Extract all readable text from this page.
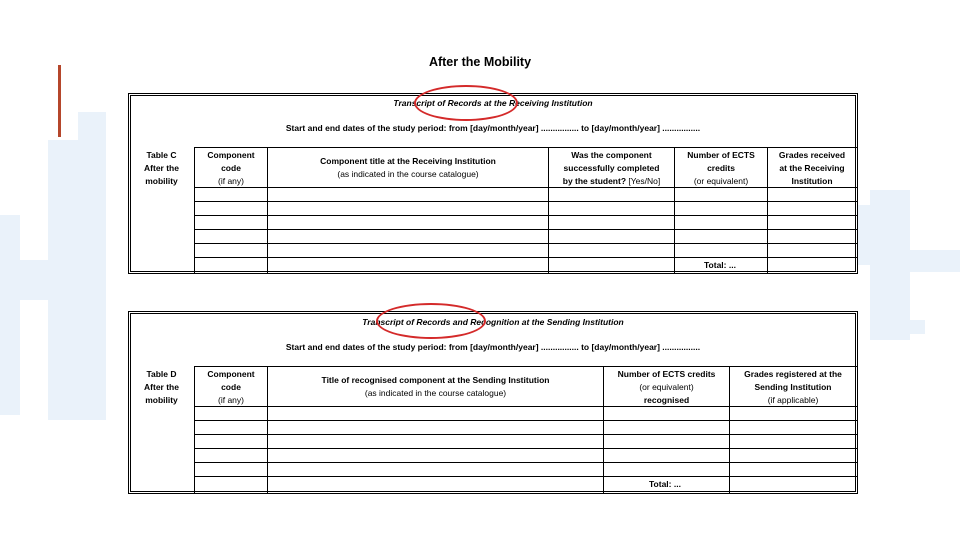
After the Mobility
Transcript of Records at the Receiving Institution
Start and end dates of the study period: from [day/month/year] ................ to [day/month/year] ................
Table C
After the
mobility
Component
code
(if any)
Component title at the Receiving Institution
(as indicated in the course catalogue)
Was the component
successfully completed
by the student? [Yes/No]
Number of ECTS
credits
(or equivalent)
Grades received
at the Receiving
Institution
Total: ...
Transcript of Records and Recognition at the Sending Institution
Start and end dates of the study period: from [day/month/year] ................ to [day/month/year] ................
Table D
After the
mobility
Component
code
(if any)
Title of recognised component at the Sending Institution
(as indicated in the course catalogue)
Number of ECTS credits
(or equivalent)
recognised
Grades registered at the
Sending Institution
(if applicable)
Total: ...
